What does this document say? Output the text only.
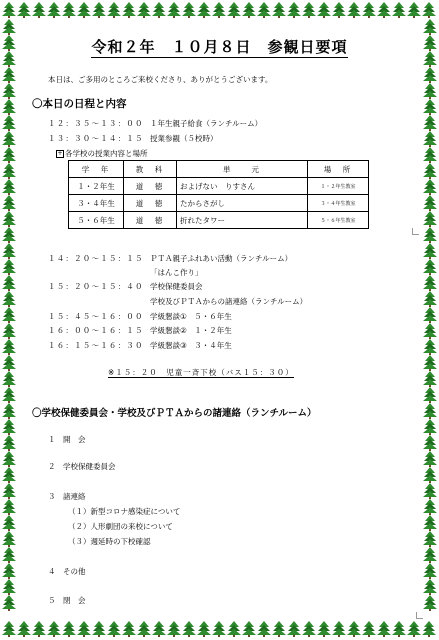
令和２年　１０月８日　参観日要項
本日は、ご多用のところご来校くださり、ありがとうございます。
〇本日の日程と内容
１２：３５～１３：００ １年生親子給食（ランチルーム）
１３：３０～１４：１５ 授業参観（５校時）
+ 各学校の授業内容と場所
学　年	教　科	単　　元	場　所
１・２年生	道　徳	およげない　りすさん	１・２年生教室
３・４年生	道　徳	たからさがし	３・４年生教室
５・６年生	道　徳	折れたタワー	５・６年生教室
１４：２０～１５：１５ ＰＴＡ親子ふれあい活動（ランチルーム）
「はんこ作り」
１５：２０～１５：４０ 学校保健委員会
学校及びＰＴＡからの諸連絡（ランチルーム）
１５：４５～１６：００ 学級懇談①　５・６年生
１６：００～１６：１５ 学級懇談②　１・２年生
１６：１５～１６：３０ 学級懇談③　３・４年生
※１５：２０　児童一斉下校（バス１５：３０）
〇学校保健委員会・学校及びＰＴＡからの諸連絡（ランチルーム）
１　 開　会
２　 学校保健委員会
３　 諸連絡
（１）新型コロナ感染症について
（２）人形劇団の来校について
（３）週延時の下校確認
４　 その他
５　 閉　会
